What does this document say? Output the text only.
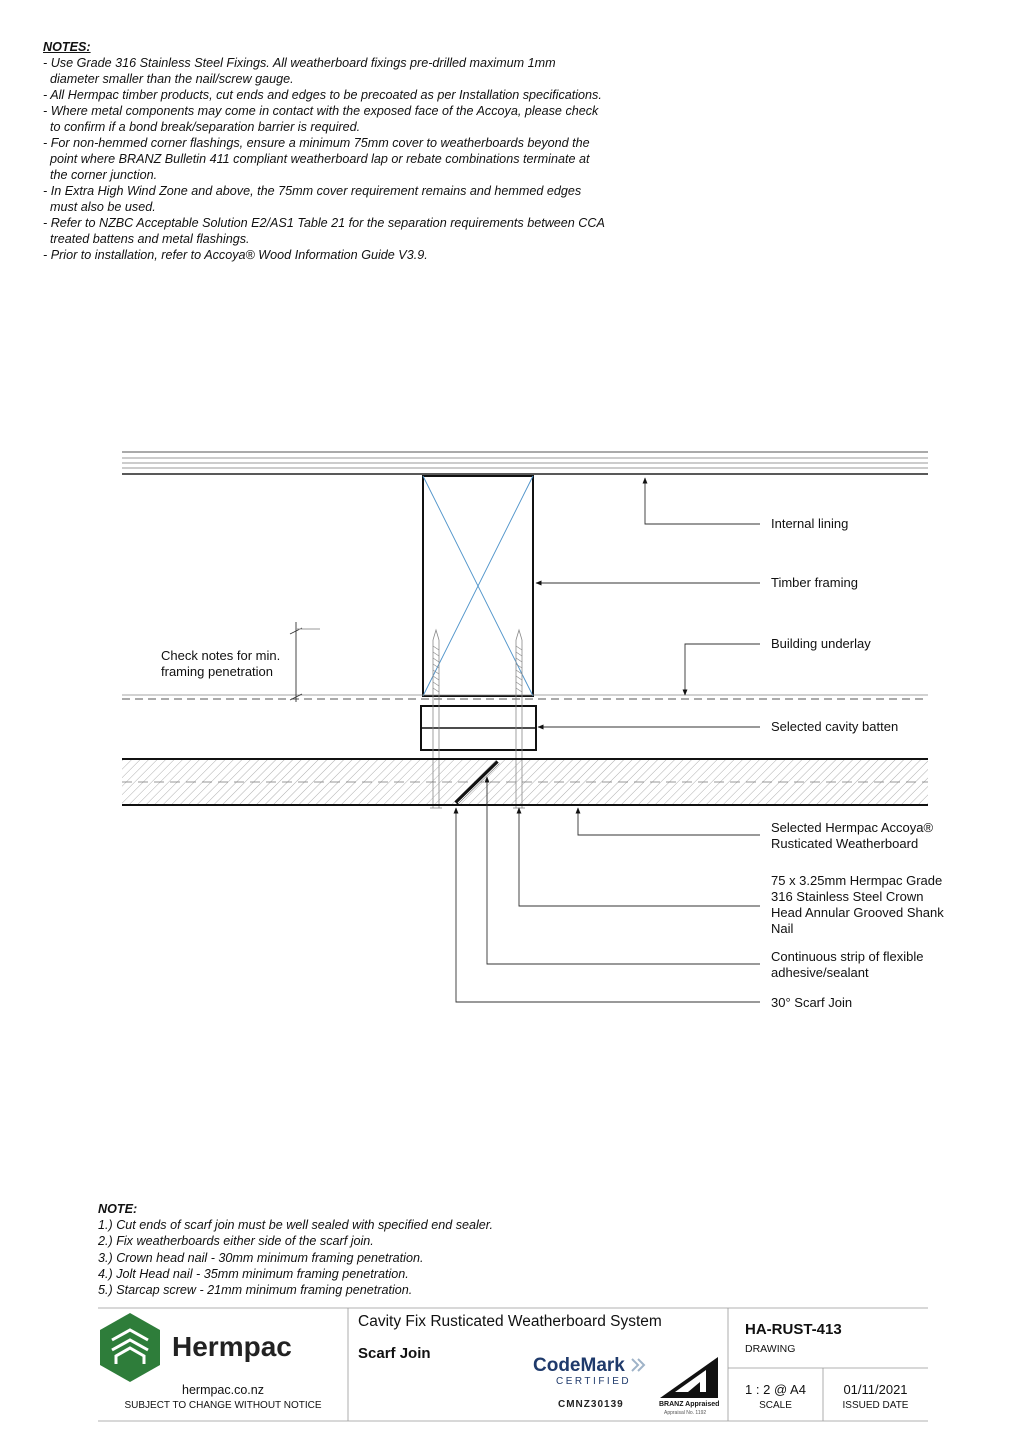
NOTES:
- Use Grade 316 Stainless Steel Fixings. All weatherboard fixings pre-drilled maximum 1mm
diameter smaller than the nail/screw gauge.
- All Hermpac timber products, cut ends and edges to be precoated as per Installation specifications.
- Where metal components may come in contact with the exposed face of the Accoya, please check
to confirm if a bond break/separation barrier is required.
- For non-hemmed corner flashings, ensure a minimum 75mm cover to weatherboards beyond the
point where BRANZ Bulletin 411 compliant weatherboard lap or rebate combinations terminate at
the corner junction.
- In Extra High Wind Zone and above, the 75mm cover requirement remains and hemmed edges
must also be used.
- Refer to NZBC Acceptable Solution E2/AS1 Table 21 for the separation requirements between CCA
treated battens and metal flashings.
- Prior to installation, refer to Accoya® Wood Information Guide V3.9.
Internal lining
Timber framing
Building underlay
Selected cavity batten
Selected Hermpac Accoya®
Rusticated Weatherboard
75 x 3.25mm Hermpac Grade
316 Stainless Steel Crown
Head Annular Grooved Shank
Nail
Continuous strip of flexible
adhesive/sealant
30° Scarf Join
Check notes for min.
framing penetration
NOTE:
1.) Cut ends of scarf join must be well sealed with specified end sealer.
2.) Fix weatherboards either side of the scarf join.
3.) Crown head nail - 30mm minimum framing penetration.
4.) Jolt Head nail - 35mm minimum framing penetration.
5.) Starcap screw - 21mm minimum framing penetration.
Hermpac
hermpac.co.nz
SUBJECT TO CHANGE WITHOUT NOTICE
Cavity Fix Rusticated Weatherboard System
Scarf Join
CodeMark
CERTIFIED
CMNZ30139	BRANZ Appraised
Appraisal No. 1192
HA-RUST-413
DRAWING
1 : 2 @ A4
SCALE
01/11/2021
ISSUED DATE
